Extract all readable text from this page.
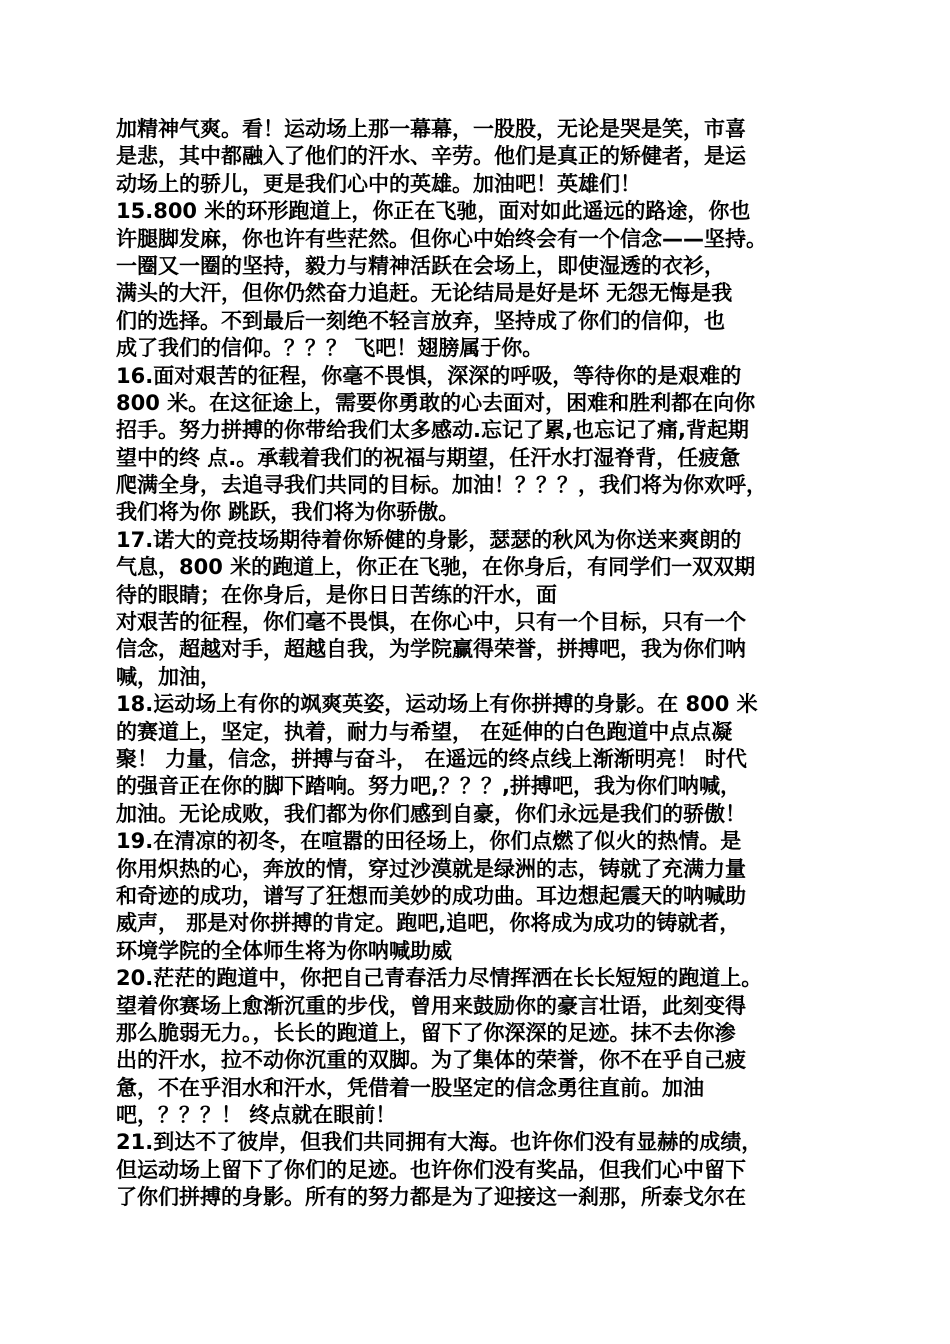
加精神气爽。看！运动场上那一幕幕，一股股，无论是哭是笑，市喜
是悲，其中都融入了他们的汗水、辛劳。他们是真正的矫健者，是运
动场上的骄儿，更是我们心中的英雄。加油吧！英雄们！
15.800 米的环形跑道上，你正在飞驰，面对如此遥远的路途，你也
许腿脚发麻，你也许有些茫然。但你心中始终会有一个信念——坚持。
一圈又一圈的坚持，毅力与精神活跃在会场上，即使湿透的衣衫，
满头的大汗，但你仍然奋力追赶。无论结局是好是坏 无怨无悔是我
们的选择。不到最后一刻绝不轻言放弃，坚持成了你们的信仰，也
成了我们的信仰。？？？ 飞吧！翅膀属于你。
16.面对艰苦的征程，你毫不畏惧，深深的呼吸，等待你的是艰难的
800 米。在这征途上，需要你勇敢的心去面对，困难和胜利都在向你
招手。努力拼搏的你带给我们太多感动.忘记了累,也忘记了痛,背起期
望中的终 点.。承载着我们的祝福与期望，任汗水打湿脊背，任疲惫
爬满全身，去追寻我们共同的目标。加油！？？？，我们将为你欢呼，
我们将为你 跳跃，我们将为你骄傲。
17.诺大的竞技场期待着你矫健的身影，瑟瑟的秋风为你送来爽朗的
气息，800 米的跑道上，你正在飞驰，在你身后，有同学们一双双期
待的眼睛；在你身后，是你日日苦练的汗水，面
对艰苦的征程，你们毫不畏惧，在你心中，只有一个目标，只有一个
信念，超越对手，超越自我，为学院赢得荣誉，拼搏吧，我为你们呐
喊，加油，
18.运动场上有你的飒爽英姿，运动场上有你拼搏的身影。在 800 米
的赛道上，坚定，执着，耐力与希望， 在延伸的白色跑道中点点凝
聚！ 力量，信念，拼搏与奋斗， 在遥远的终点线上渐渐明亮！ 时代
的强音正在你的脚下踏响。努力吧,？？？,拼搏吧，我为你们呐喊，
加油。无论成败，我们都为你们感到自豪，你们永远是我们的骄傲！
19.在清凉的初冬，在喧嚣的田径场上，你们点燃了似火的热情。是
你用炽热的心，奔放的情，穿过沙漠就是绿洲的志，铸就了充满力量
和奇迹的成功，谱写了狂想而美妙的成功曲。耳边想起震天的呐喊助
威声， 那是对你拼搏的肯定。跑吧,追吧，你将成为成功的铸就者，
环境学院的全体师生将为你呐喊助威
20.茫茫的跑道中，你把自己青春活力尽情挥洒在长长短短的跑道上。
望着你赛场上愈渐沉重的步伐，曾用来鼓励你的豪言壮语，此刻变得
那么脆弱无力。，长长的跑道上，留下了你深深的足迹。抹不去你渗
出的汗水，拉不动你沉重的双脚。为了集体的荣誉，你不在乎自己疲
惫，不在乎泪水和汗水，凭借着一股坚定的信念勇往直前。加油
吧，？？？！ 终点就在眼前！
21.到达不了彼岸，但我们共同拥有大海。也许你们没有显赫的成绩，
但运动场上留下了你们的足迹。也许你们没有奖品，但我们心中留下
了你们拼搏的身影。所有的努力都是为了迎接这一刹那，所泰戈尔在
